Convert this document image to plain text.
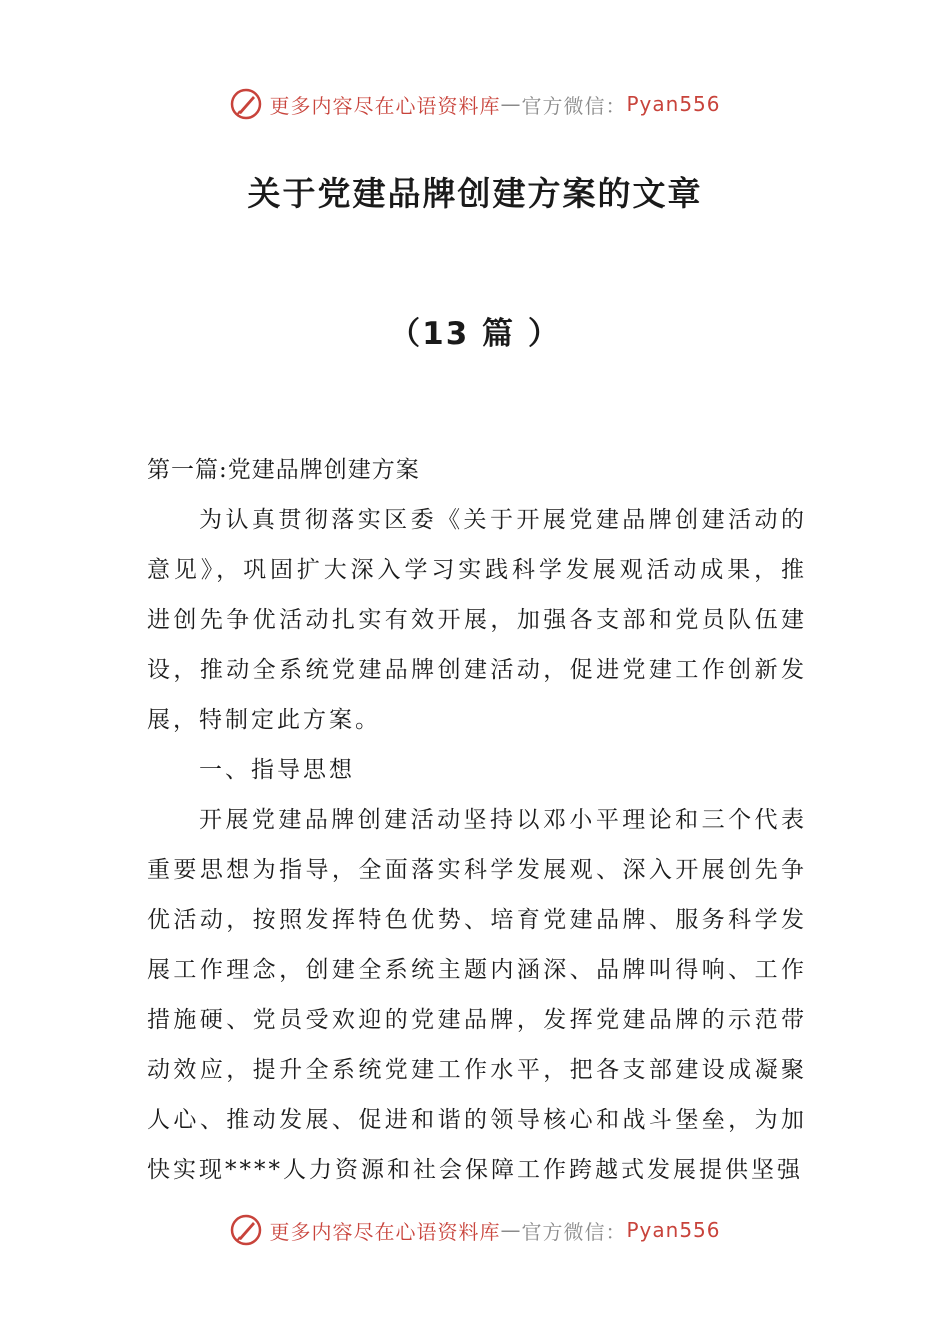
更多内容尽在心语资料库 — 官方微信： Pyan556
关于党建品牌创建方案的文章
（13 篇 ）

第一篇:党建品牌创建方案

为认真贯彻落实区委《关于开展党建品牌创建活动的意见》，巩固扩大深入学习实践科学发展观活动成果，推进创先争优活动扎实有效开展，加强各支部和党员队伍建设，推动全系统党建品牌创建活动，促进党建工作创新发展，特制定此方案。

一、指导思想

开展党建品牌创建活动坚持以邓小平理论和三个代表重要思想为指导，全面落实科学发展观、深入开展创先争优活动，按照发挥特色优势、培育党建品牌、服务科学发展工作理念，创建全系统主题内涵深、品牌叫得响、工作措施硬、党员受欢迎的党建品牌，发挥党建品牌的示范带动效应，提升全系统党建工作水平，把各支部建设成凝聚人心、推动发展、促进和谐的领导核心和战斗堡垒，为加快实现****人力资源和社会保障工作跨越式发展提供坚强

更多内容尽在心语资料库 — 官方微信： Pyan556
